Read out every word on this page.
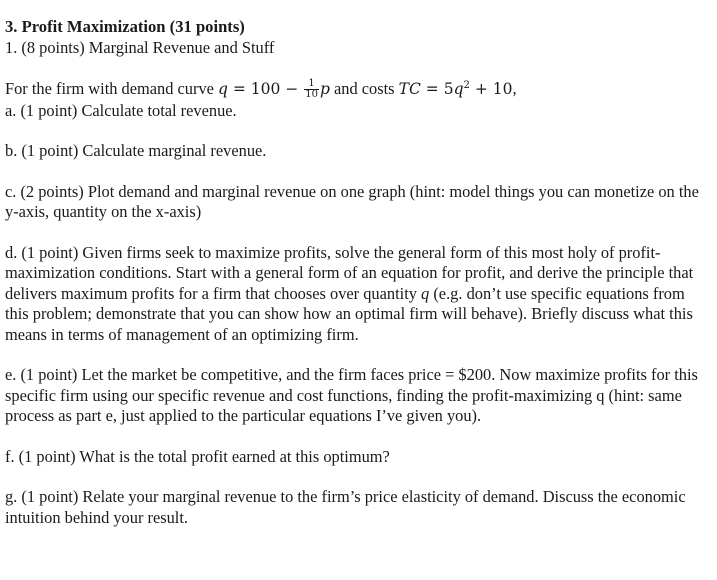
3. Profit Maximization (31 points)
1. (8 points) Marginal Revenue and Stuff
For the firm with demand curve $q = 100 - \frac{1}{10}$ p and costs TC = $5q^2 + 10$,
a. (1 point) Calculate total revenue.
b. (1 point) Calculate marginal revenue.
c. (2 points) Plot demand and marginal revenue on one graph (hint: model things you can monetize on the y-axis, quantity on the x-axis)
d. (1 point) Given firms seek to maximize profits, solve the general form of this most holy of profit-maximization conditions. Start with a general form of an equation for profit, and derive the principle that delivers maximum profits for a firm that chooses over quantity q (e.g. don’t use specific equations from this problem; demonstrate that you can show how an optimal firm will behave). Briefly discuss what this means in terms of management of an optimizing firm.
e. (1 point) Let the market be competitive, and the firm faces price = $200. Now maximize profits for this specific firm using our specific revenue and cost functions, finding the profit-maximizing q (hint: same process as part e, just applied to the particular equations I’ve given you).
f. (1 point) What is the total profit earned at this optimum?
g. (1 point) Relate your marginal revenue to the firm’s price elasticity of demand. Discuss the economic intuition behind your result.
